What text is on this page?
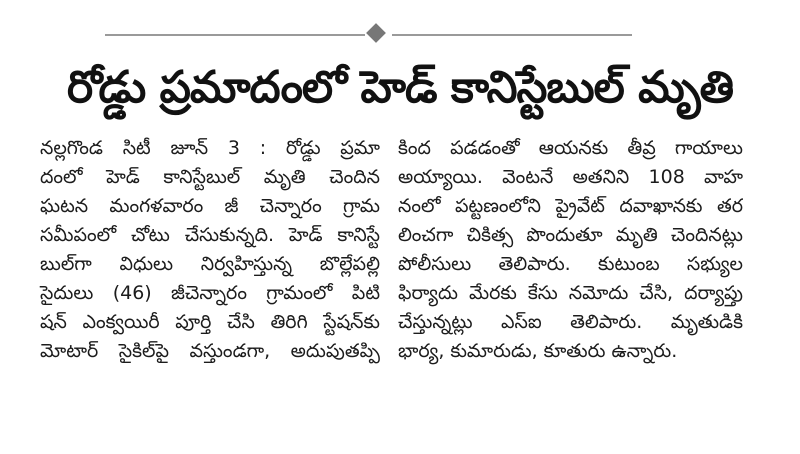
రోడ్డు ప్రమాదంలో హెడ్ కానిస్టేబుల్ మృతి
నల్లగొండ సిటీ జూన్ 3 : రోడ్డు ప్రమా
దంలో హెడ్ కానిస్టేబుల్ మృతి చెందిన
ఘటన మంగళవారం జీ చెన్నారం గ్రామ
సమీపంలో చోటు చేసుకున్నది. హెడ్ కానిస్టే
బుల్‌గా విధులు నిర్వహిస్తున్న బొల్లేపల్లి
సైదులు (46) జీచెన్నారం గ్రామంలో పిటి
షన్ ఎంక్వయిరీ పూర్తి చేసి తిరిగి స్టేషన్‌కు
మోటార్ సైకిల్‌పై వస్తుండగా, అదుపుతప్పి
కింద పడడంతో ఆయనకు తీవ్ర గాయాలు
అయ్యాయి. వెంటనే అతనిని 108 వాహ
నంలో పట్టణంలోని ప్రైవేట్ దవాఖానకు తర
లించగా చికిత్స పొందుతూ మృతి చెందినట్లు
పోలీసులు తెలిపారు. కుటుంబ సభ్యుల
ఫిర్యాదు మేరకు కేసు నమోదు చేసి, దర్యాప్తు
చేస్తున్నట్లు ఎస్ఐ తెలిపారు. మృతుడికి
భార్య, కుమారుడు, కూతురు ఉన్నారు.
